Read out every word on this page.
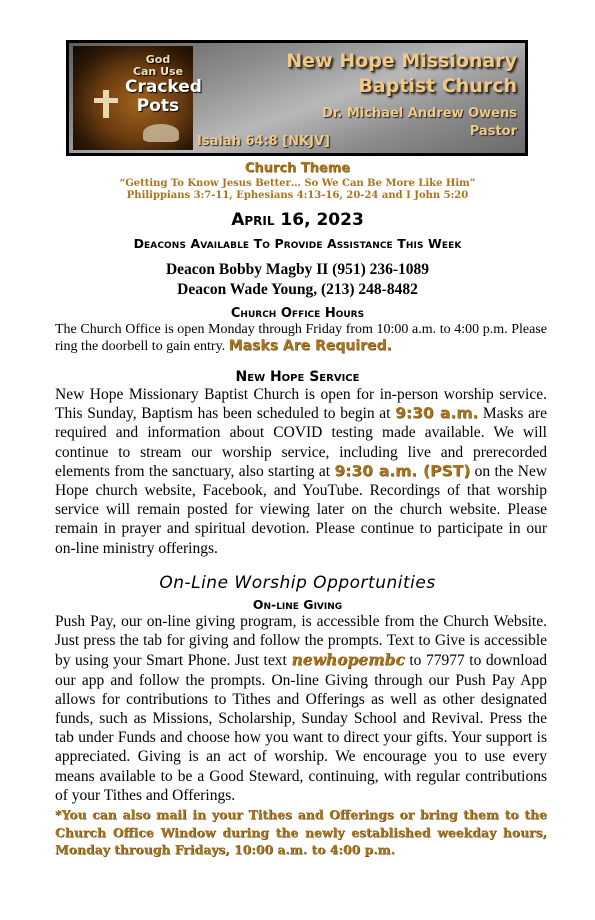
God
Can Use
Cracked
Pots
New Hope Missionary
Baptist Church
Dr. Michael Andrew Owens
Pastor
Isaiah 64:8 [NKJV]
Church Theme
“Getting To Know Jesus Better… So We Can Be More Like Him”
Philippians 3:7-11, Ephesians 4:13-16, 20-24 and I John 5:20
April 16, 2023
Deacons Available To Provide Assistance This Week
Deacon Bobby Magby II (951) 236-1089
Deacon Wade Young, (213) 248-8482
Church Office Hours
The Church Office is open Monday through Friday from 10:00 a.m. to 4:00 p.m. Please ring the doorbell to gain entry. Masks Are Required.
New Hope Service
New Hope Missionary Baptist Church is open for in-person worship service. This Sunday, Baptism has been scheduled to begin at 9:30 a.m. Masks are required and information about COVID testing made available. We will continue to stream our worship service, including live and prerecorded elements from the sanctuary, also starting at 9:30 a.m. (PST) on the New Hope church website, Facebook, and YouTube. Recordings of that worship service will remain posted for viewing later on the church website. Please remain in prayer and spiritual devotion. Please continue to participate in our on-line ministry offerings.
On-Line Worship Opportunities
On-line Giving
Push Pay, our on-line giving program, is accessible from the Church Website. Just press the tab for giving and follow the prompts. Text to Give is accessible by using your Smart Phone. Just text newhopembc to 77977 to download our app and follow the prompts. On-line Giving through our Push Pay App allows for contributions to Tithes and Offerings as well as other designated funds, such as Missions, Scholarship, Sunday School and Revival. Press the tab under Funds and choose how you want to direct your gifts. Your support is appreciated. Giving is an act of worship. We encourage you to use every means available to be a Good Steward, continuing, with regular contributions of your Tithes and Offerings.
*You can also mail in your Tithes and Offerings or bring them to the Church Office Window during the newly established weekday hours, Monday through Fridays, 10:00 a.m. to 4:00 p.m.
